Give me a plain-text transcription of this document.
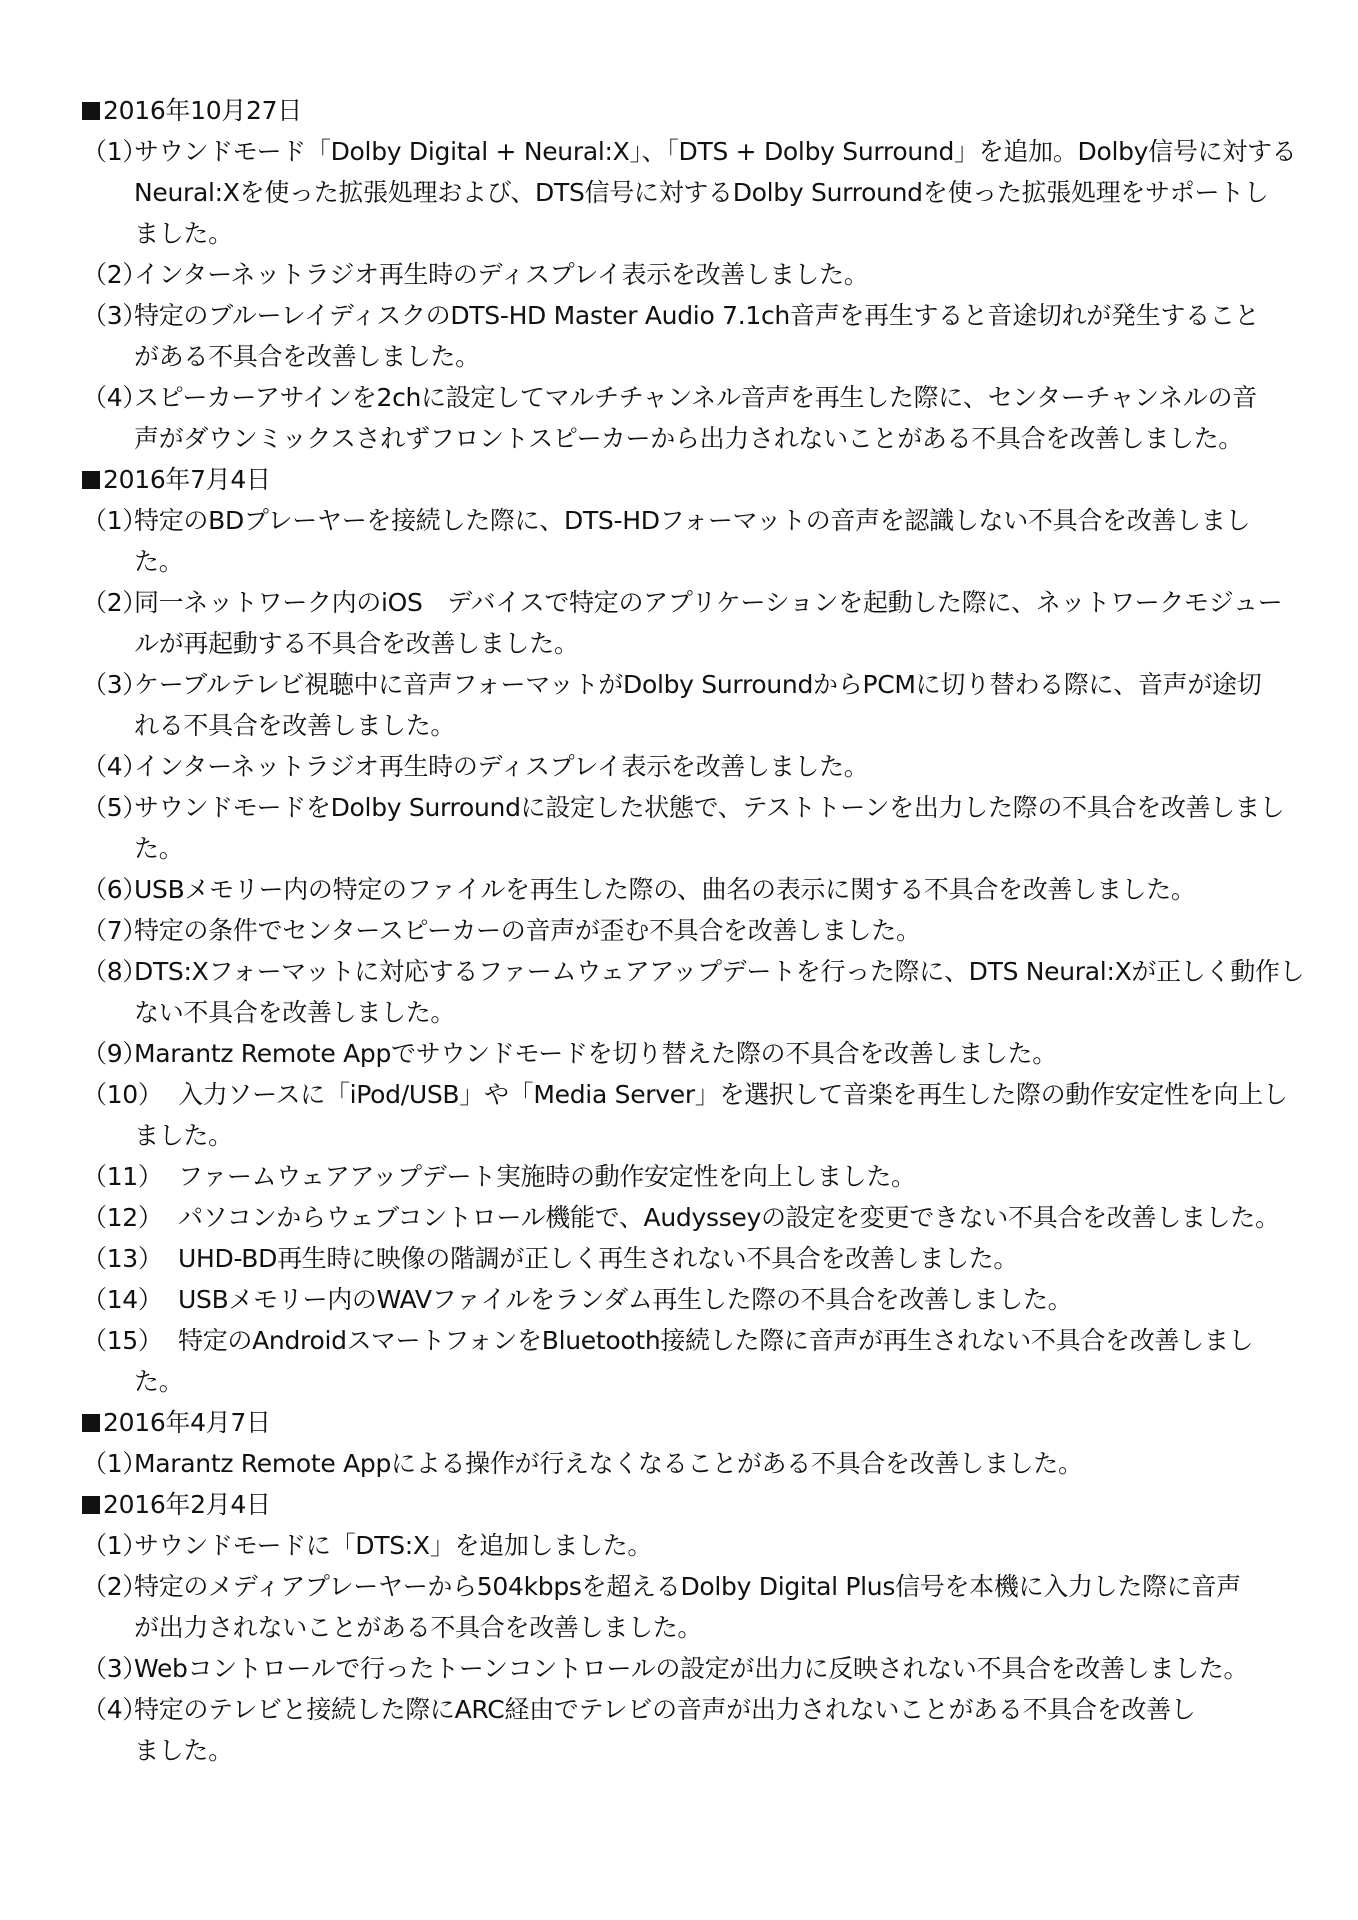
2016年10月27日
（1）
サウンドモード「Dolby Digital + Neural:X」、「DTS + Dolby Surround」を追加。Dolby信号に対する
Neural:Xを使った拡張処理および、DTS信号に対するDolby Surroundを使った拡張処理をサポートし
ました。
（2）
インターネットラジオ再生時のディスプレイ表示を改善しました。
（3）
特定のブルーレイディスクのDTS-HD Master Audio 7.1ch音声を再生すると音途切れが発生すること
がある不具合を改善しました。
（4）
スピーカーアサインを2chに設定してマルチチャンネル音声を再生した際に、センターチャンネルの音
声がダウンミックスされずフロントスピーカーから出力されないことがある不具合を改善しました。
2016年7月4日
（1）
特定のBDプレーヤーを接続した際に、DTS-HDフォーマットの音声を認識しない不具合を改善しまし
た。
（2）
同一ネットワーク内のiOS　デバイスで特定のアプリケーションを起動した際に、ネットワークモジュー
ルが再起動する不具合を改善しました。
（3）
ケーブルテレビ視聴中に音声フォーマットがDolby SurroundからPCMに切り替わる際に、音声が途切
れる不具合を改善しました。
（4）
インターネットラジオ再生時のディスプレイ表示を改善しました。
（5）
サウンドモードをDolby Surroundに設定した状態で、テストトーンを出力した際の不具合を改善しまし
た。
（6）
USBメモリー内の特定のファイルを再生した際の、曲名の表示に関する不具合を改善しました。
（7）
特定の条件でセンタースピーカーの音声が歪む不具合を改善しました。
（8）
DTS:Xフォーマットに対応するファームウェアアップデートを行った際に、DTS Neural:Xが正しく動作し
ない不具合を改善しました。
（9）
Marantz Remote Appでサウンドモードを切り替えた際の不具合を改善しました。
（10） 入力ソースに「iPod/USB」や「Media Server」を選択して音楽を再生した際の動作安定性を向上し
ました。
（11） ファームウェアアップデート実施時の動作安定性を向上しました。
（12） パソコンからウェブコントロール機能で、Audysseyの設定を変更できない不具合を改善しました。
（13） UHD-BD再生時に映像の階調が正しく再生されない不具合を改善しました。
（14） USBメモリー内のWAVファイルをランダム再生した際の不具合を改善しました。
（15） 特定のAndroidスマートフォンをBluetooth接続した際に音声が再生されない不具合を改善しまし
た。
2016年4月7日
（1）
Marantz Remote Appによる操作が行えなくなることがある不具合を改善しました。
2016年2月4日
（1）
サウンドモードに「DTS:X」を追加しました。
（2）
特定のメディアプレーヤーから504kbpsを超えるDolby Digital Plus信号を本機に入力した際に音声
が出力されないことがある不具合を改善しました。
（3）
Webコントロールで行ったトーンコントロールの設定が出力に反映されない不具合を改善しました。
（4）
特定のテレビと接続した際にARC経由でテレビの音声が出力されないことがある不具合を改善し
ました。
